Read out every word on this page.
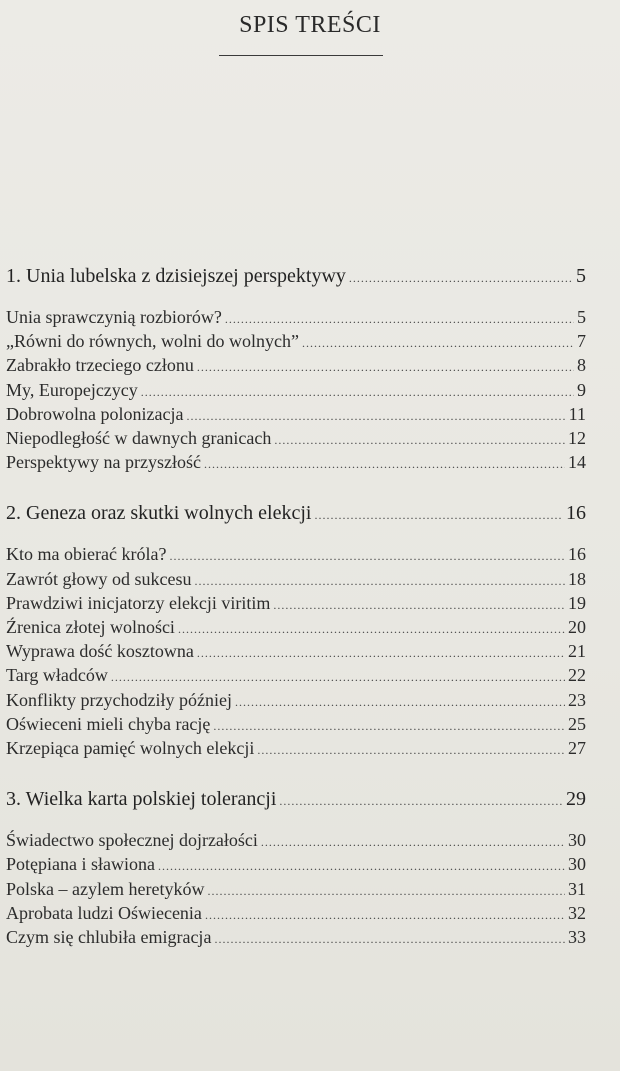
SPIS TREŚCI
1. Unia lubelska z dzisiejszej perspektywy .....	5
Unia sprawczynią rozbiorów? .....	5
„Równi do równych, wolni do wolnych” .....	7
Zabrakło trzeciego członu .....	8
My, Europejczycy .....	9
Dobrowolna polonizacja .....	11
Niepodległość w dawnych granicach .....	12
Perspektywy na przyszłość .....	14
2. Geneza oraz skutki wolnych elekcji .....	16
Kto ma obierać króla? .....	16
Zawrót głowy od sukcesu .....	18
Prawdziwi inicjatorzy elekcji viritim .....	19
Źrenica złotej wolności .....	20
Wyprawa dość kosztowna .....	21
Targ władców .....	22
Konflikty przychodziły później .....	23
Oświeceni mieli chyba rację .....	25
Krzepiąca pamięć wolnych elekcji .....	27
3. Wielka karta polskiej tolerancji .....	29
Świadectwo społecznej dojrzałości .....	30
Potępiana i sławiona .....	30
Polska – azylem heretyków .....	31
Aprobata ludzi Oświecenia .....	32
Czym się chlubiła emigracja .....	33
